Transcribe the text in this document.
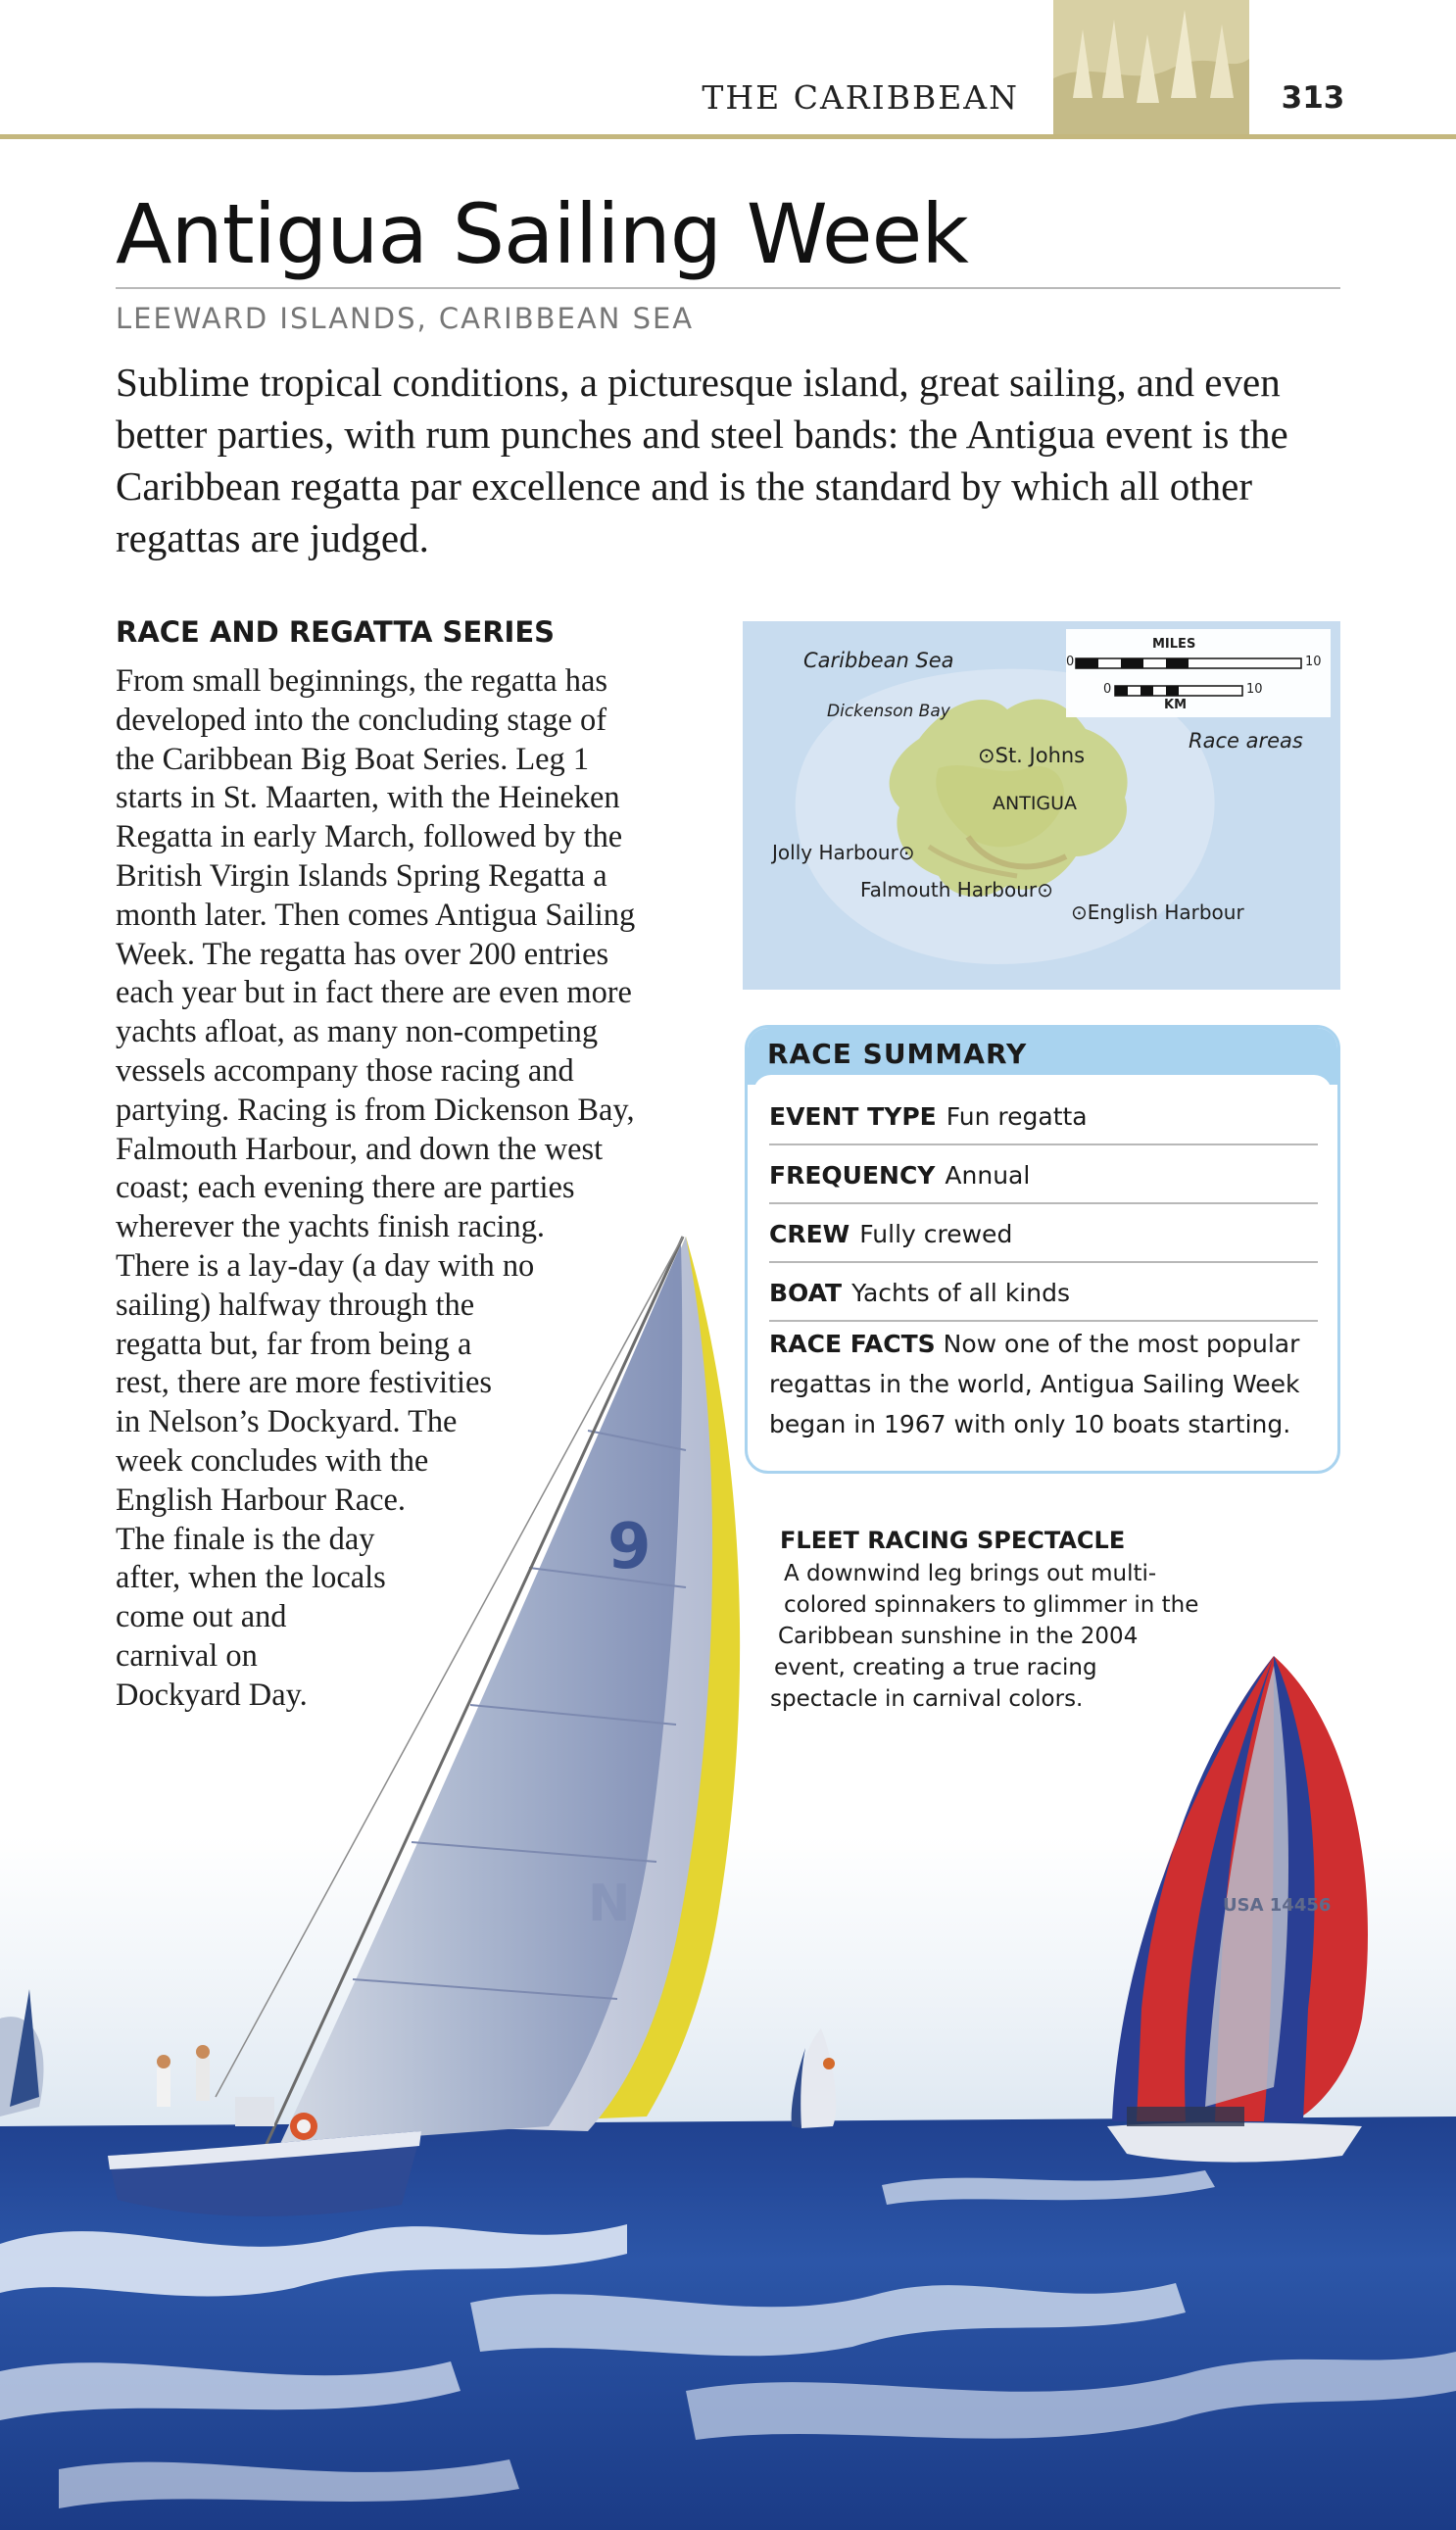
9
N	USA 14456
THE CARIBBEAN	313
Antigua Sailing Week
LEEWARD ISLANDS, CARIBBEAN SEA
Sublime tropical conditions, a picturesque island, great sailing, and even better parties, with rum punches and steel bands: the Antigua event is the Caribbean regatta par excellence and is the standard by which all other regattas are judged.
RACE AND REGATTA SERIES
From small beginnings, the regatta has
developed into the concluding stage of
the Caribbean Big Boat Series. Leg 1
starts in St. Maarten, with the Heineken
Regatta in early March, followed by the
British Virgin Islands Spring Regatta a
month later. Then comes Antigua Sailing
Week. The regatta has over 200 entries
each year but in fact there are even more
yachts afloat, as many non-competing
vessels accompany those racing and
partying. Racing is from Dickenson Bay,
Falmouth Harbour, and down the west
coast; each evening there are parties
wherever the yachts finish racing.
There is a lay-day (a day with no
sailing) halfway through the
regatta but, far from being a
rest, there are more festivities
in Nelson’s Dockyard. The
week concludes with the
English Harbour Race.
The finale is the day
after, when the locals
come out and
carnival on
Dockyard Day.
Caribbean Sea
Dickenson Bay
⊙St. Johns
Race areas
ANTIGUA
Jolly Harbour⊙
Falmouth Harbour⊙
⊙English Harbour
MILES
0	10
0	10
KM
RACE SUMMARY
EVENT TYPE Fun regatta
FREQUENCY Annual
CREW Fully crewed
BOAT Yachts of all kinds
RACE FACTS Now one of the most popular regattas in the world, Antigua Sailing Week began in 1967 with only 10 boats starting.
FLEET RACING SPECTACLE
A downwind leg brings out multi-
colored spinnakers to glimmer in the
Caribbean sunshine in the 2004
event, creating a true racing
spectacle in carnival colors.
